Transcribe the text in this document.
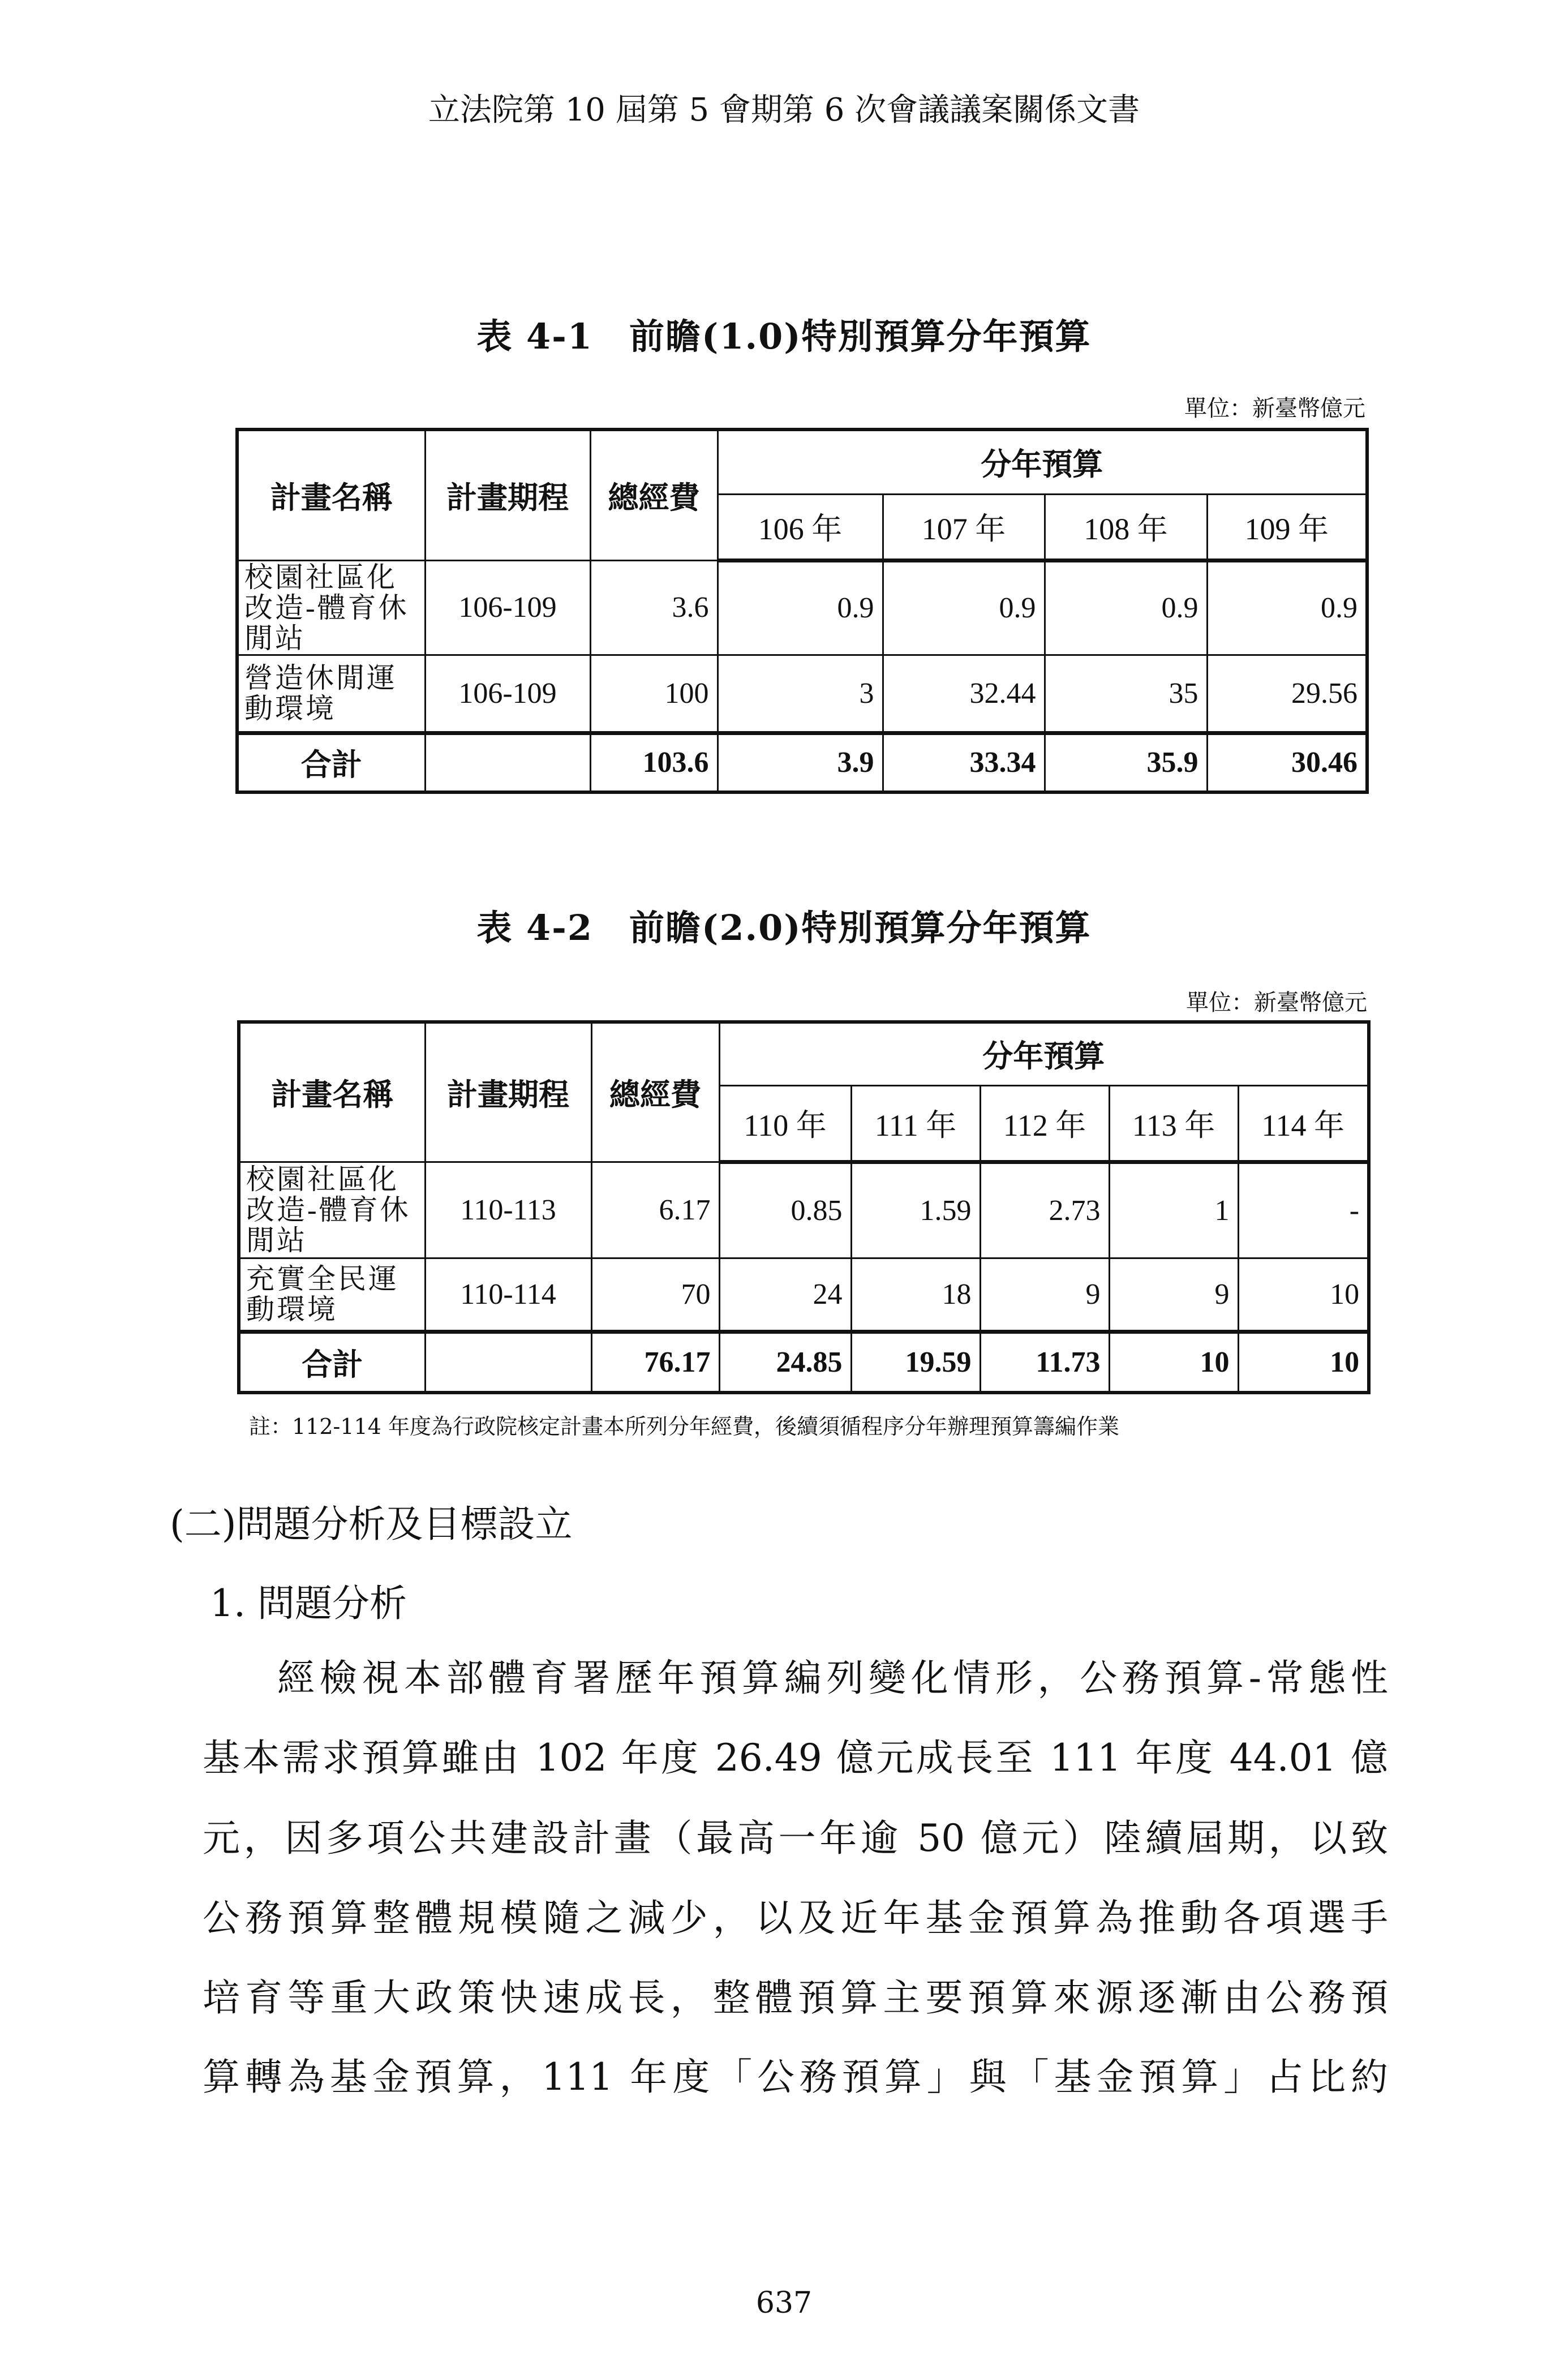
立法院第 10 屆第 5 會期第 6 次會議議案關係文書
表 4-1　前瞻(1.0)特別預算分年預算
單位：新臺幣億元
計畫名稱	計畫期程	總經費	分年預算			
			106 年	107 年	108 年	109 年
校園社區化改造-體育休閒站	106-109	3.6	0.9	0.9	0.9	0.9
營造休閒運動環境	106-109	100	3	32.44	35	29.56
合計		103.6	3.9	33.34	35.9	30.46
表 4-2　前瞻(2.0)特別預算分年預算
單位：新臺幣億元
計畫名稱	計畫期程	總經費	分年預算				
			110 年	111 年	112 年	113 年	114 年
校園社區化改造-體育休閒站	110-113	6.17	0.85	1.59	2.73	1	-
充實全民運動環境	110-114	70	24	18	9	9	10
合計		76.17	24.85	19.59	11.73	10	10
註：112-114 年度為行政院核定計畫本所列分年經費，後續須循程序分年辦理預算籌編作業
(二)問題分析及目標設立
1. 問題分析
經檢視本部體育署歷年預算編列變化情形，公務預算-常態性
基本需求預算雖由 102 年度 26.49 億元成長至 111 年度 44.01 億
元，因多項公共建設計畫（最高一年逾 50 億元）陸續屆期，以致
公務預算整體規模隨之減少，以及近年基金預算為推動各項選手
培育等重大政策快速成長，整體預算主要預算來源逐漸由公務預
算轉為基金預算，111 年度「公務預算」與「基金預算」占比約
637
